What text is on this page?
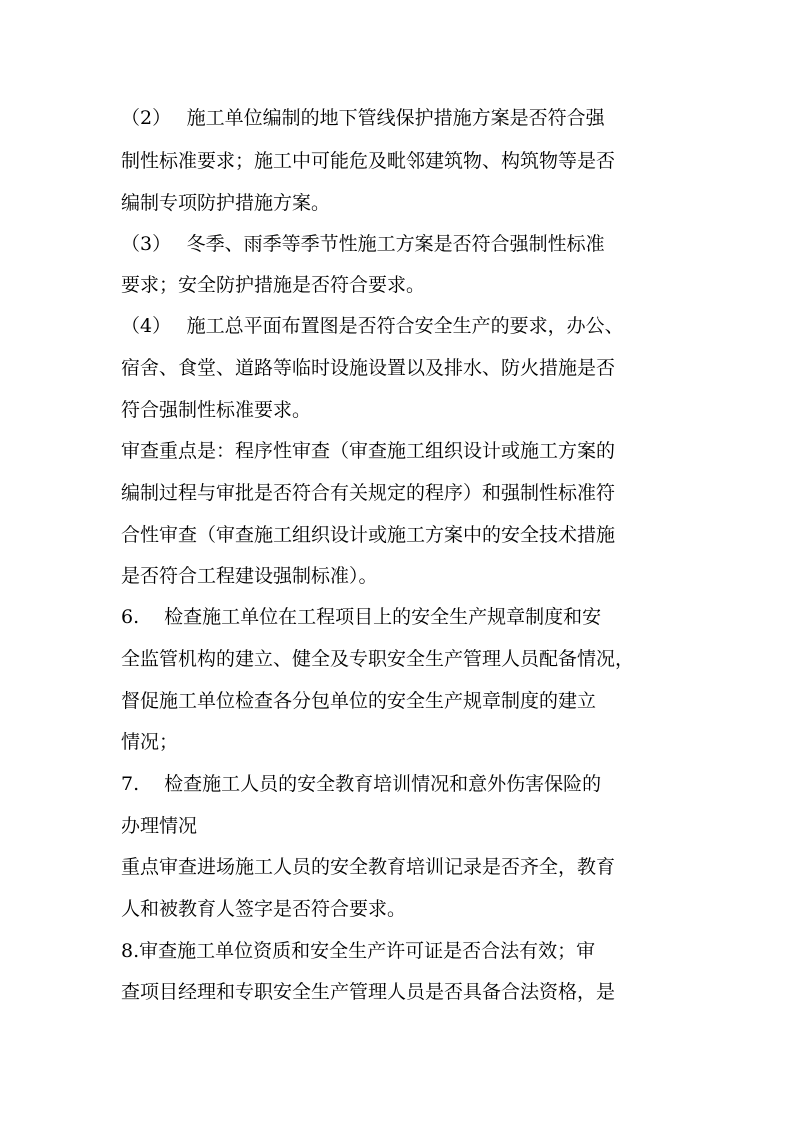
（2）　 施工单位编制的地下管线保护措施方案是否符合强
制性标准要求；施工中可能危及毗邻建筑物、构筑物等是否
编制专项防护措施方案。
（3）　 冬季、雨季等季节性施工方案是否符合强制性标准
要求；安全防护措施是否符合要求。
（4）　 施工总平面布置图是否符合安全生产的要求，办公、
宿舍、食堂、道路等临时设施设置以及排水、防火措施是否
符合强制性标准要求。
审查重点是：程序性审查（审查施工组织设计或施工方案的
编制过程与审批是否符合有关规定的程序）和强制性标准符
合性审查（审查施工组织设计或施工方案中的安全技术措施
是否符合工程建设强制标准）。
6.　 检查施工单位在工程项目上的安全生产规章制度和安
全监管机构的建立、健全及专职安全生产管理人员配备情况，
督促施工单位检查各分包单位的安全生产规章制度的建立
情况；
7.　 检查施工人员的安全教育培训情况和意外伤害保险的
办理情况
重点审查进场施工人员的安全教育培训记录是否齐全，教育
人和被教育人签字是否符合要求。
8.审查施工单位资质和安全生产许可证是否合法有效；审
查项目经理和专职安全生产管理人员是否具备合法资格，是
